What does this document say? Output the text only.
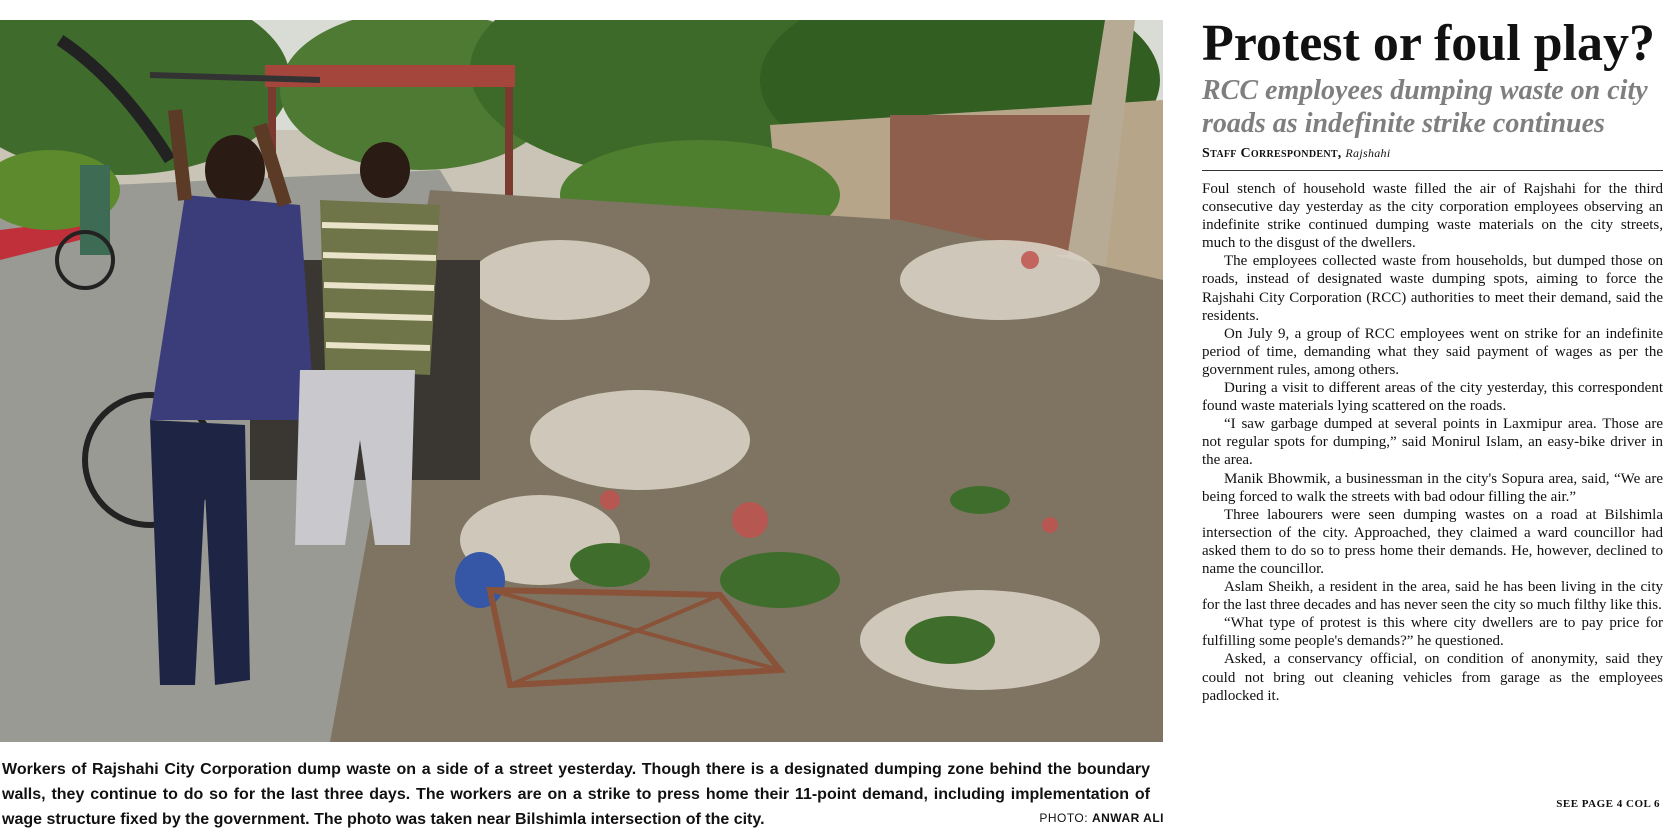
Workers of Rajshahi City Corporation dump waste on a side of a street yesterday. Though there is a designated dumping zone behind the boundary walls, they continue to do so for the last three days. The workers are on a strike to press home their 11-point demand, including implementation of wage structure fixed by the government. The photo was taken near Bilshimla intersection of the city.	PHOTO: ANWAR ALI
Protest or foul play?
RCC employees dumping waste on city roads as indefinite strike continues
Staff Correspondent, Rajshahi

Foul stench of household waste filled the air of Rajshahi for the third consecutive day yesterday as the city corporation employees observing an indefinite strike continued dumping waste materials on the city streets, much to the disgust of the dwellers.

The employees collected waste from households, but dumped those on roads, instead of designated waste dumping spots, aiming to force the Rajshahi City Corporation (RCC) authorities to meet their demand, said the residents.

On July 9, a group of RCC employees went on strike for an indefinite period of time, demanding what they said payment of wages as per the government rules, among others.

During a visit to different areas of the city yesterday, this correspondent found waste materials lying scattered on the roads.

“I saw garbage dumped at several points in Laxmipur area. Those are not regular spots for dumping,” said Monirul Islam, an easy-bike driver in the area.

Manik Bhowmik, a businessman in the city's Sopura area, said, “We are being forced to walk the streets with bad odour filling the air.”

Three labourers were seen dumping wastes on a road at Bilshimla intersection of the city. Approached, they claimed a ward councillor had asked them to do so to press home their demands. He, however, declined to name the councillor.

Aslam Sheikh, a resident in the area, said he has been living in the city for the last three decades and has never seen the city so much filthy like this.

“What type of protest is this where city dwellers are to pay price for fulfilling some people's demands?” he questioned.

Asked, a conservancy official, on condition of anonymity, said they could not bring out cleaning vehicles from garage as the employees padlocked it.

SEE PAGE 4 COL 6
